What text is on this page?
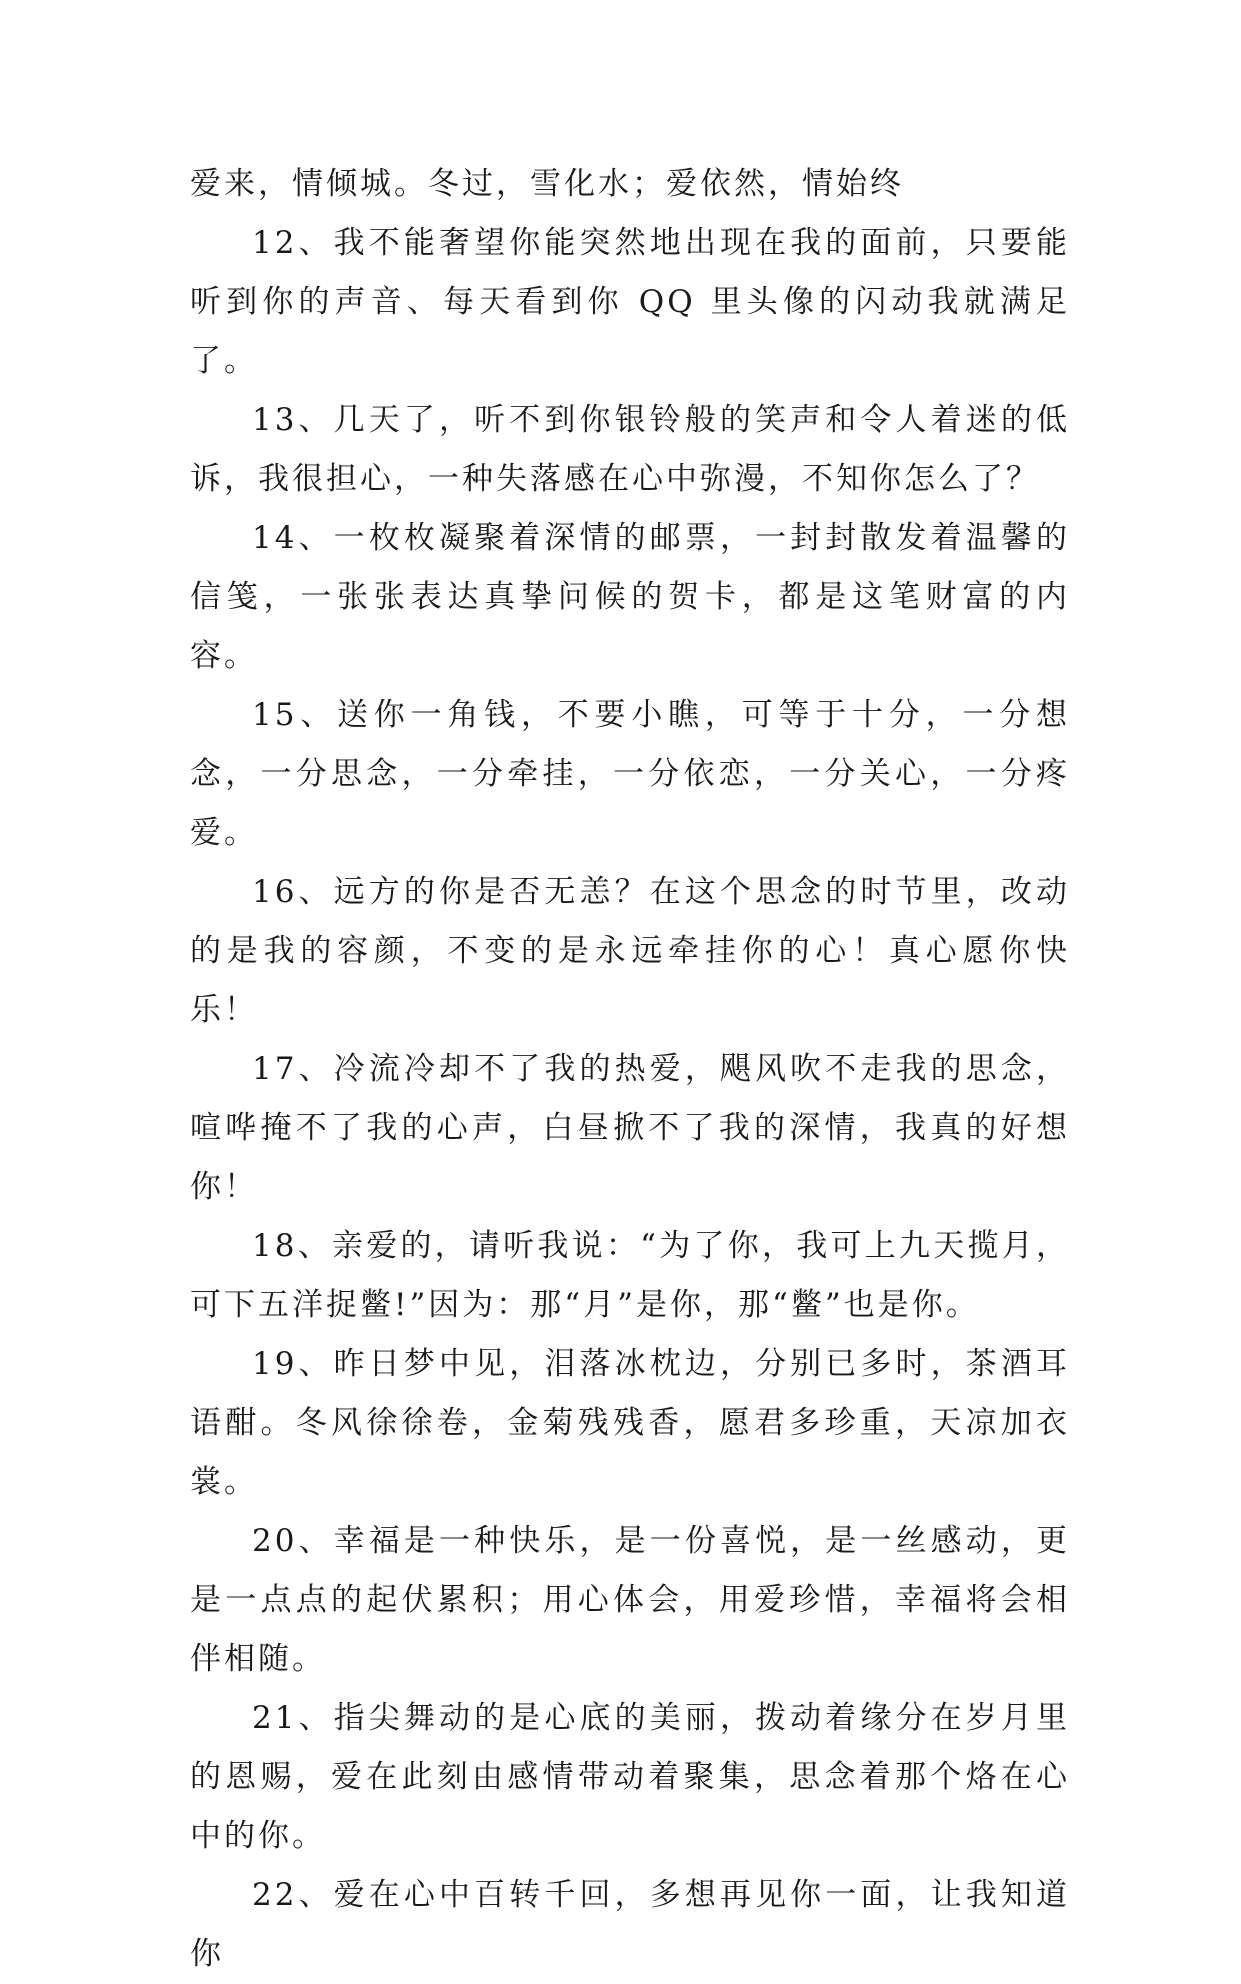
爱来，情倾城。冬过，雪化水；爱依然，情始终

12、我不能奢望你能突然地出现在我的面前，只要能听到你的声音、每天看到你 QQ 里头像的闪动我就满足了。

13、几天了，听不到你银铃般的笑声和令人着迷的低诉，我很担心，一种失落感在心中弥漫，不知你怎么了？

14、一枚枚凝聚着深情的邮票，一封封散发着温馨的信笺，一张张表达真挚问候的贺卡，都是这笔财富的内容。

15、送你一角钱，不要小瞧，可等于十分，一分想念，一分思念，一分牵挂，一分依恋，一分关心，一分疼爱。

16、远方的你是否无恙？在这个思念的时节里，改动的是我的容颜，不变的是永远牵挂你的心！真心愿你快乐！

17、冷流冷却不了我的热爱，飓风吹不走我的思念，喧哗掩不了我的心声，白昼掀不了我的深情，我真的好想你！

18、亲爱的，请听我说：“为了你，我可上九天揽月，可下五洋捉鳖!”因为：那“月”是你，那“鳖”也是你。

19、昨日梦中见，泪落冰枕边，分别已多时，茶酒耳语酣。冬风徐徐卷，金菊残残香，愿君多珍重，天凉加衣裳。

20、幸福是一种快乐，是一份喜悦，是一丝感动，更是一点点的起伏累积；用心体会，用爱珍惜，幸福将会相伴相随。

21、指尖舞动的是心底的美丽，拨动着缘分在岁月里的恩赐，爱在此刻由感情带动着聚集，思念着那个烙在心中的你。

22、爱在心中百转千回，多想再见你一面，让我知道你
